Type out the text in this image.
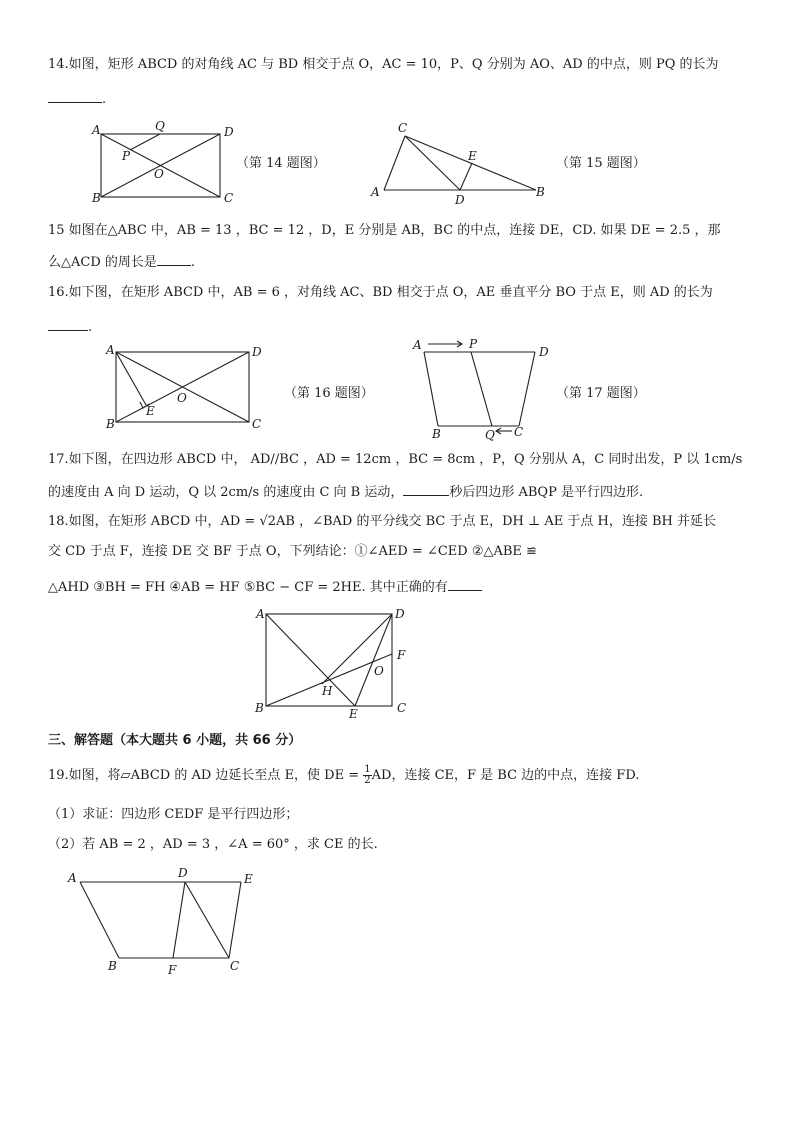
14.如图，矩形 ABCD 的对角线 AC 与 BD 相交于点 O，AC = 10，P、Q 分别为 AO、AD 的中点，则 PQ 的长为
.
A	Q	D
P
O
B	C
（第 14 题图）
C
E
A
D
B
（第 15 题图）
15 如图在△ABC 中，AB = 13 ，BC = 12 ，D，E 分别是 AB，BC 的中点，连接 DE，CD. 如果 DE = 2.5 ，那
么△ACD 的周长是	.
16.如下图，在矩形 ABCD 中，AB = 6 ，对角线 AC、BD 相交于点 O，AE 垂直平分 BO 于点 E，则 AD 的长为
.
A	D
O
E
B	C
（第 16 题图）
A	P
D
B	Q C
（第 17 题图）
17.如下图，在四边形 ABCD 中， AD//BC ，AD = 12cm ，BC = 8cm ，P，Q 分别从 A，C 同时出发，P 以 1cm/s
的速度由 A 向 D 运动，Q 以 2cm/s 的速度由 C 向 B 运动，	秒后四边形 ABQP 是平行四边形.
18.如图，在矩形 ABCD 中，AD = √2AB ，∠BAD 的平分线交 BC 于点 E，DH ⊥ AE 于点 H，连接 BH 并延长
交 CD 于点 F，连接 DE 交 BF 于点 O，下列结论：①∠AED = ∠CED ②△ABE ≌
△AHD ③BH = FH ④AB = HF ⑤BC − CF = 2HE. 其中正确的有
A	D
O
F
H
B	E	C
三、解答题（本大题共 6 小题，共 66 分）
19.如图，将▱ABCD 的 AD 边延长至点 E，使 DE = $\frac{1}{2}$ AD，连接 CE，F 是 BC 边的中点，连接 FD.
（1）求证：四边形 CEDF 是平行四边形；
（2）若 AB = 2 ，AD = 3 ，∠A = 60° ，求 CE 的长.
A	D	E
B	F	C
